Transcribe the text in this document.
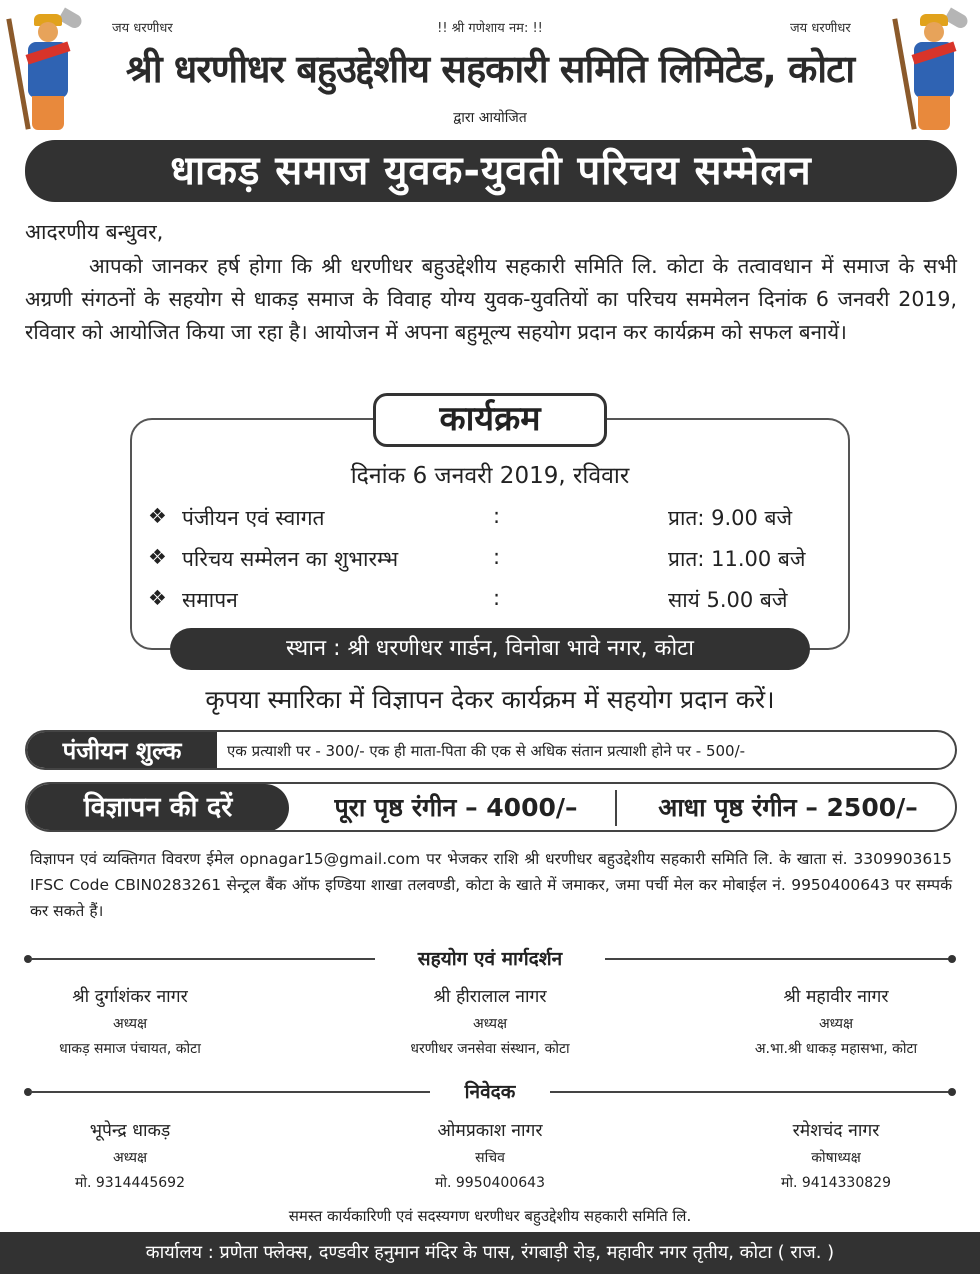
जय धरणीधर	!! श्री गणेशाय नम: !!	जय धरणीधर
श्री धरणीधर बहुउद्देशीय सहकारी समिति लिमिटेड, कोटा
द्वारा आयोजित
धाकड़ समाज युवक-युवती परिचय सम्मेलन
आदरणीय बन्धुवर,
आपको जानकर हर्ष होगा कि श्री धरणीधर बहुउद्देशीय सहकारी समिति लि. कोटा के तत्वावधान में समाज के सभी अग्रणी संगठनों के सहयोग से धाकड़ समाज के विवाह योग्य युवक-युवतियों का परिचय सममेलन दिनांक 6 जनवरी 2019, रविवार को आयोजित किया जा रहा है। आयोजन में अपना बहुमूल्य सहयोग प्रदान कर कार्यक्रम को सफल बनायें।
कार्यक्रम
दिनांक 6 जनवरी 2019, रविवार
❖ पंजीयन एवं स्वागत	:	प्रात: 9.00 बजे
❖ परिचय सम्मेलन का शुभारम्भ	:	प्रात: 11.00 बजे
❖ समापन	:	सायं 5.00 बजे
स्थान : श्री धरणीधर गार्डन, विनोबा भावे नगर, कोटा
कृपया स्मारिका में विज्ञापन देकर कार्यक्रम में सहयोग प्रदान करें।
पंजीयन शुल्क	एक प्रत्याशी पर - 300/- एक ही माता-पिता की एक से अधिक संतान प्रत्याशी होने पर - 500/-
विज्ञापन की दरें	पूरा पृष्ठ रंगीन – 4000/–	आधा पृष्ठ रंगीन – 2500/–
विज्ञापन एवं व्यक्तिगत विवरण ईमेल opnagar15@gmail.com पर भेजकर राशि श्री धरणीधर बहुउद्देशीय सहकारी समिति लि. के खाता सं. 3309903615 IFSC Code CBIN0283261 सेन्ट्रल बैंक ऑफ इण्डिया शाखा तलवण्डी, कोटा के खाते में जमाकर, जमा पर्ची मेल कर मोबाईल नं. 9950400643 पर सम्पर्क कर सकते हैं।
सहयोग एवं मार्गदर्शन
श्री दुर्गाशंकर नागर
अध्यक्ष
धाकड़ समाज पंचायत, कोटा
श्री हीरालाल नागर
अध्यक्ष
धरणीधर जनसेवा संस्थान, कोटा
श्री महावीर नागर
अध्यक्ष
अ.भा.श्री धाकड़ महासभा, कोटा
निवेदक
भूपेन्द्र धाकड़
अध्यक्ष
मो. 9314445692
ओमप्रकाश नागर
सचिव
मो. 9950400643
रमेशचंद नागर
कोषाध्यक्ष
मो. 9414330829
समस्त कार्यकारिणी एवं सदस्यगण धरणीधर बहुउद्देशीय सहकारी समिति लि.
कार्यालय : प्रणेता फ्लेक्स, दण्डवीर हनुमान मंदिर के पास, रंगबाड़ी रोड़, महावीर नगर तृतीय, कोटा ( राज. )
